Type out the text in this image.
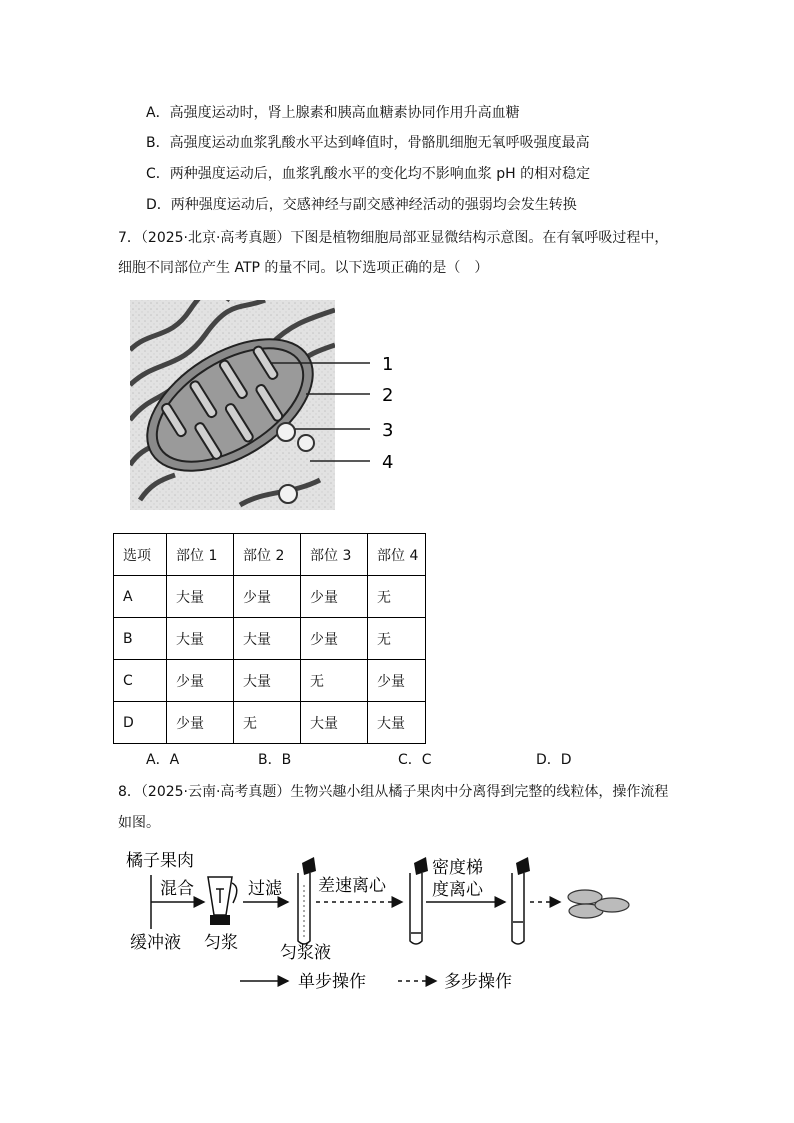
A．高强度运动时，肾上腺素和胰高血糖素协同作用升高血糖
B．高强度运动血浆乳酸水平达到峰值时，骨骼肌细胞无氧呼吸强度最高
C．两种强度运动后，血浆乳酸水平的变化均不影响血浆 pH 的相对稳定
D．两种强度运动后，交感神经与副交感神经活动的强弱均会发生转换
7．（2025·北京·高考真题）下图是植物细胞局部亚显微结构示意图。在有氧呼吸过程中，
细胞不同部位产生 ATP 的量不同。以下选项正确的是（　）
1
2
3
4
选项	部位 1	部位 2	部位 3	部位 4
A	大量	少量	少量	无
B	大量	大量	少量	无
C	少量	大量	无	少量
D	少量	无	大量	大量
A．A	B．B	C．C	D．D
8．（2025·云南·高考真题）生物兴趣小组从橘子果肉中分离得到完整的线粒体，操作流程
如图。
橘子果肉
缓冲液
混合
匀浆
过滤
匀浆液
差速离心
密度梯
度离心
单步操作	多步操作
